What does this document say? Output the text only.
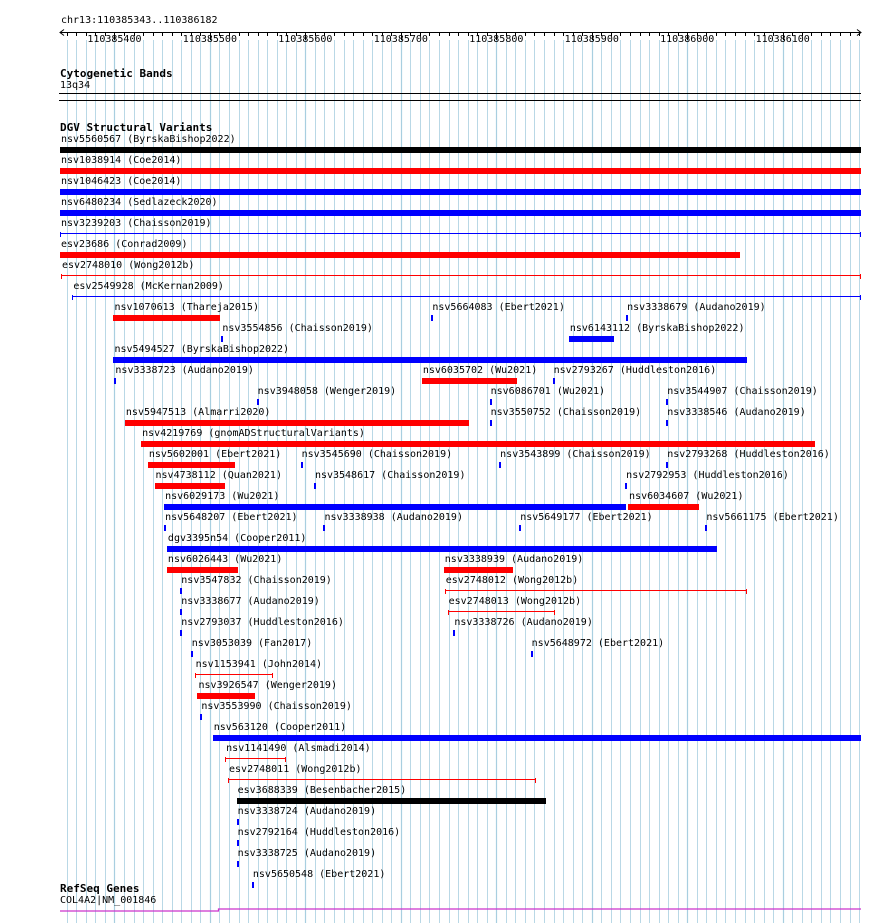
chr13:110385343..110386182
110385400	110385500	110385600	110385700	110385800	110385900	110386000	110386100
Cytogenetic Bands
13q34
DGV Structural Variants
nsv5560567 (ByrskaBishop2022)
nsv1038914 (Coe2014)
nsv1046423 (Coe2014)
nsv6480234 (Sedlazeck2020)
nsv3239203 (Chaisson2019)
esv23686 (Conrad2009)
esv2748010 (Wong2012b)
esv2549928 (McKernan2009)
nsv1070613 (Thareja2015)
nsv3554856 (Chaisson2019)
nsv5664083 (Ebert2021)
nsv6143112 (ByrskaBishop2022)
nsv5494527 (ByrskaBishop2022)
nsv3338723 (Audano2019)
nsv3948058 (Wenger2019)
nsv6035702 (Wu2021) nsv2793267 (Huddleston2016)
nsv5947513 (Almarri2020)
nsv6086701 (Wu2021)
nsv3338679 (Audano2019)
nsv4219769 (gnomADStructuralVariants)
nsv5602001 (Ebert2021) nsv3545690 (Chaisson2019)
nsv3550752 (Chaisson2019)
nsv3544907 (Chaisson2019)
nsv4738112 (Quan2021)	nsv3548617 (Chaisson2019)
nsv3543899 (Chaisson2019)
nsv3338546 (Audano2019)
nsv6029173 (Wu2021)
nsv2792953 (Huddleston2016)
nsv5648207 (Ebert2021)	nsv3338938 (Audano2019)	nsv5649177 (Ebert2021)
nsv2793268 (Huddleston2016)
dgv3395n54 (Cooper2011)
nsv6026443 (Wu2021)	nsv3338939 (Audano2019)
nsv6034607 (Wu2021)
nsv3547832 (Chaisson2019)	esv2748012 (Wong2012b)
nsv3338677 (Audano2019)	esv2748013 (Wong2012b)
nsv5661175 (Ebert2021)
nsv2793037 (Huddleston2016)	nsv3338726 (Audano2019)
nsv3053039 (Fan2017)	nsv5648972 (Ebert2021)
nsv1153941 (John2014)
nsv3926547 (Wenger2019)
nsv3553990 (Chaisson2019)
nsv563120 (Cooper2011)
nsv1141490 (Alsmadi2014)
esv2748011 (Wong2012b)
esv3688339 (Besenbacher2015)
nsv3338724 (Audano2019)
nsv2792164 (Huddleston2016)
nsv3338725 (Audano2019)
nsv5650548 (Ebert2021)
RefSeq Genes
COL4A2|NM_001846
